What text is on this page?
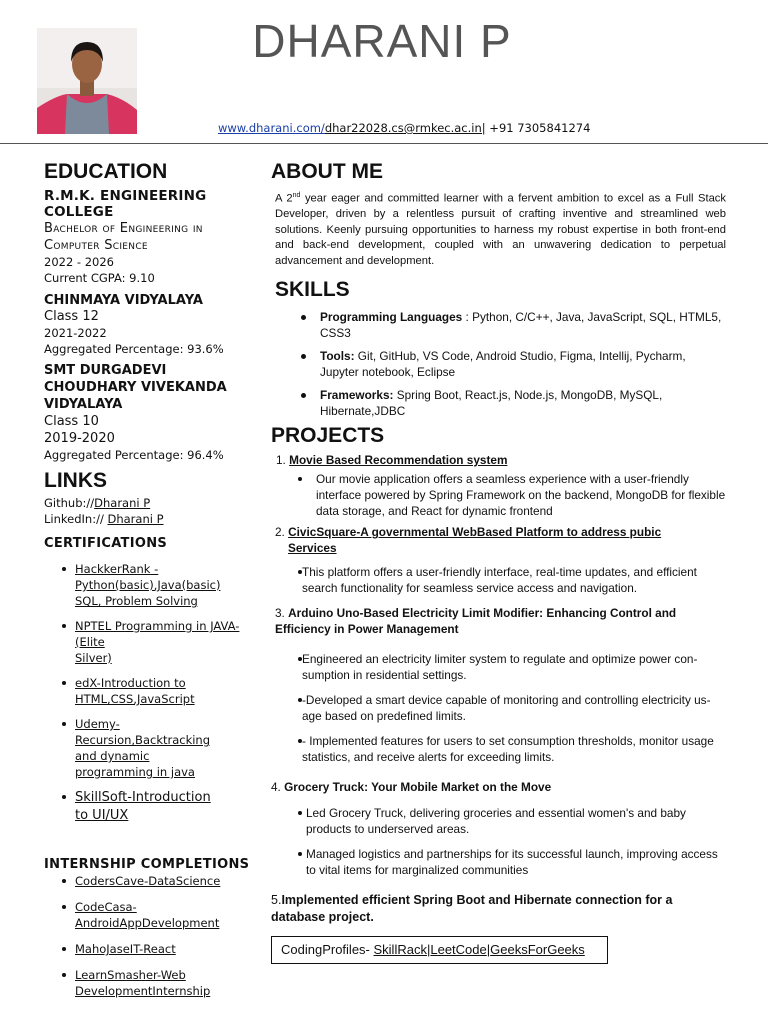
DHARANI P
www.dharani.com/dhar22028.cs@rmkec.ac.in| +91 7305841274
EDUCATION
R.M.K. ENGINEERING COLLEGE
Bachelor of Engineering in
Computer Science
2022 - 2026
Current CGPA: 9.10
CHINMAYA VIDYALAYA
Class 12
2021-2022
Aggregated Percentage: 93.6%
SMT DURGADEVI
CHOUDHARY VIVEKANDA
VIDYALAYA
Class 10
2019-2020
Aggregated Percentage: 96.4%
LINKS
Github://Dharani P
LinkedIn:// Dharani P
CERTIFICATIONS
HackkerRank -
Python(basic),Java(basic)
SQL, Problem Solving
NPTEL Programming in JAVA-(Elite
Silver)
edX-Introduction to
HTML,CSS,JavaScript
Udemy-
Recursion,Backtracking
and dynamic
programming in java
SkillSoft-Introduction
to UI/UX
INTERNSHIP COMPLETIONS
CodersCave-DataScience
CodeCasa-
AndroidAppDevelopment
MahoJaseIT-React
LearnSmasher-Web
DevelopmentInternship
ABOUT ME

A 2nd year eager and committed learner with a fervent ambition to excel as a Full Stack Developer, driven by a relentless pursuit of crafting inventive and streamlined web solutions. Keenly pursuing opportunities to harness my robust expertise in both front-end and back-end development, coupled with an unwavering dedication to perpetual advancement and development.

SKILLS
Programming Languages : Python, C/C++, Java, JavaScript, SQL, HTML5, CSS3
Tools: Git, GitHub, VS Code, Android Studio, Figma, Intellij, Pycharm, Jupyter notebook, Eclipse
Frameworks: Spring Boot, React.js, Node.js, MongoDB, MySQL, Hibernate,JDBC
PROJECTS
1. Movie Based Recommendation system
Our movie application offers a seamless experience with a user-friendly interface powered by Spring Framework on the backend, MongoDB for flexible data storage, and React for dynamic frontend
2. CivicSquare-A governmental WebBased Platform to address pubic
Services
This platform offers a user-friendly interface, real-time updates, and efficient search functionality for seamless service access and navigation.
3. Arduino Uno-Based Electricity Limit Modifier: Enhancing Control and Efficiency in Power Management
Engineered an electricity limiter system to regulate and optimize power con-sumption in residential settings.
-Developed a smart device capable of monitoring and controlling electricity us-age based on predefined limits.
- Implemented features for users to set consumption thresholds, monitor usage statistics, and receive alerts for exceeding limits.
4. Grocery Truck: Your Mobile Market on the Move
Led Grocery Truck, delivering groceries and essential women's and baby products to underserved areas.
Managed logistics and partnerships for its successful launch, improving access to vital items for marginalized communities
5.Implemented efficient Spring Boot and Hibernate connection for a database project.
CodingProfiles- SkillRack|LeetCode|GeeksForGeeks
